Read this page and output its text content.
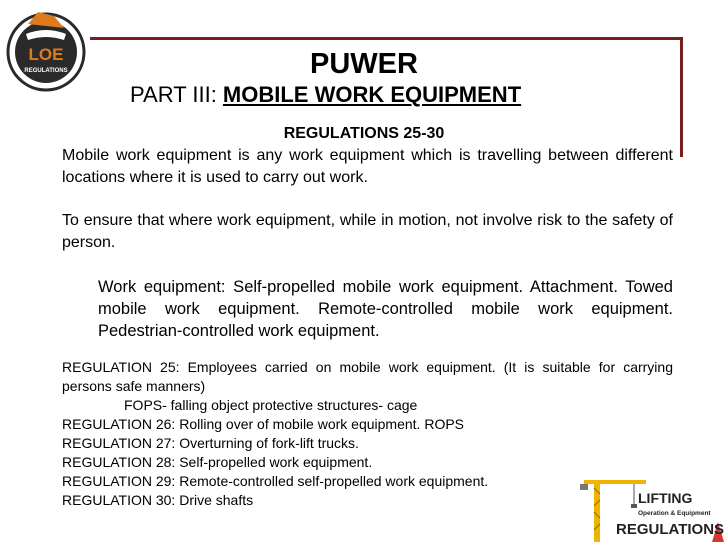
LOE
REGULATIONS	PUWER
PART III: MOBILE WORK EQUIPMENT
REGULATIONS 25-30
Mobile work equipment is any work equipment which is travelling between different locations where it is used to carry out work.
To ensure that where work equipment, while in motion, not involve risk to the safety of person.
Work equipment: Self-propelled mobile work equipment. Attachment. Towed mobile work equipment. Remote-controlled mobile work equipment. Pedestrian-controlled work equipment.
REGULATION 25: Employees carried on mobile work equipment. (It is suitable for carrying persons safe manners)
FOPS- falling object protective structures- cage
REGULATION 26: Rolling over of mobile work equipment. ROPS
REGULATION 27: Overturning of fork-lift trucks.
REGULATION 28: Self-propelled work equipment.
REGULATION 29: Remote-controlled self-propelled work equipment.
REGULATION 30: Drive shafts	LIFTING
Operation & Equipment
REGULATIONS
